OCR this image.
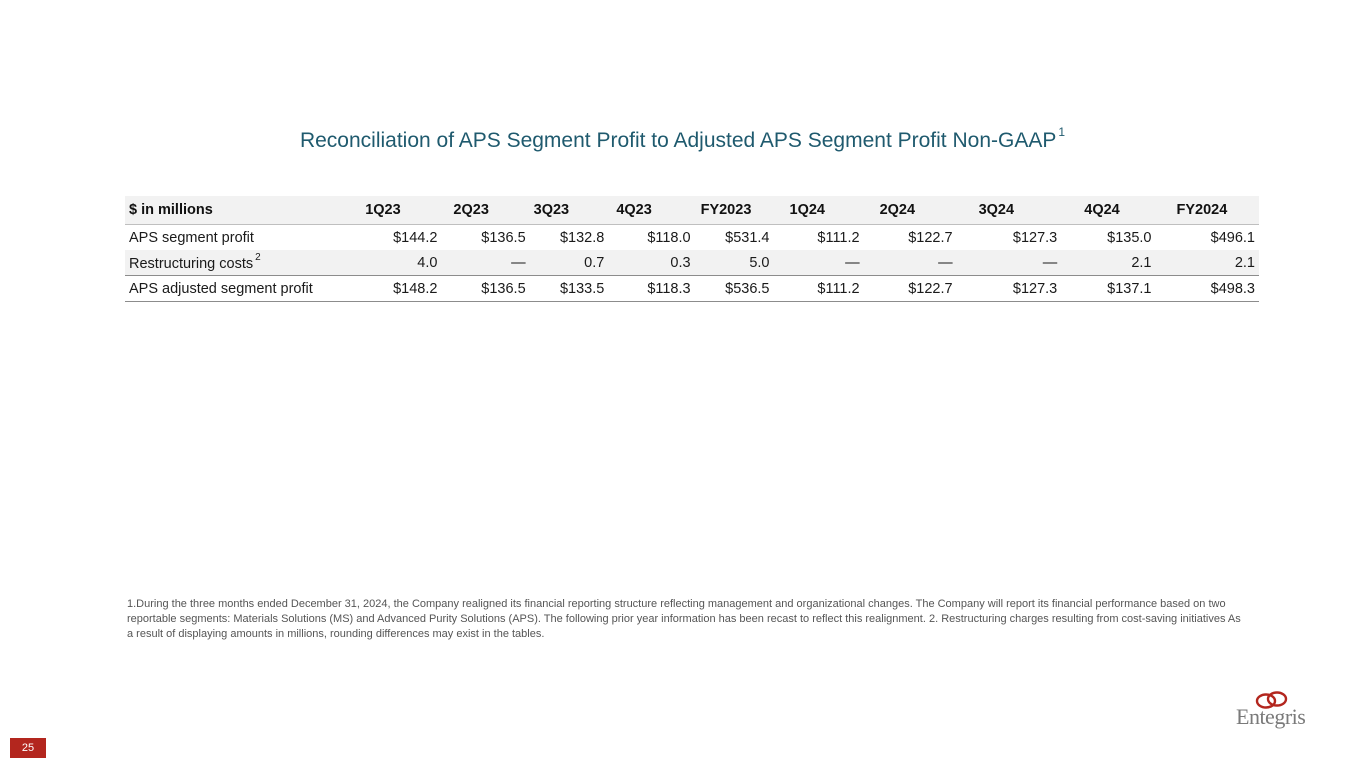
Reconciliation of APS Segment Profit to Adjusted APS Segment Profit Non-GAAP $^1$
$ in millions	1Q23	2Q23	3Q23	4Q23	FY2023	1Q24	2Q24	3Q24	4Q24	FY2024
APS segment profit	$144.2	$136.5	$132.8	$118.0	$531.4	$111.2	$122.7	$127.3	$135.0	$496.1
Restructuring costs $^2$	4.0	—	0.7	0.3	5.0	—	—	—	2.1	2.1
APS adjusted segment profit	$148.2	$136.5	$133.5	$118.3	$536.5	$111.2	$122.7	$127.3	$137.1	$498.3
1.During the three months ended December 31, 2024, the Company realigned its financial reporting structure reflecting management and organizational changes. The Company will report its financial performance based on two reportable segments: Materials Solutions (MS) and Advanced Purity Solutions (APS). The following prior year information has been recast to reflect this realignment. 2. Restructuring charges resulting from cost-saving initiatives As a result of displaying amounts in millions, rounding differences may exist in the tables.
Entegris
25
